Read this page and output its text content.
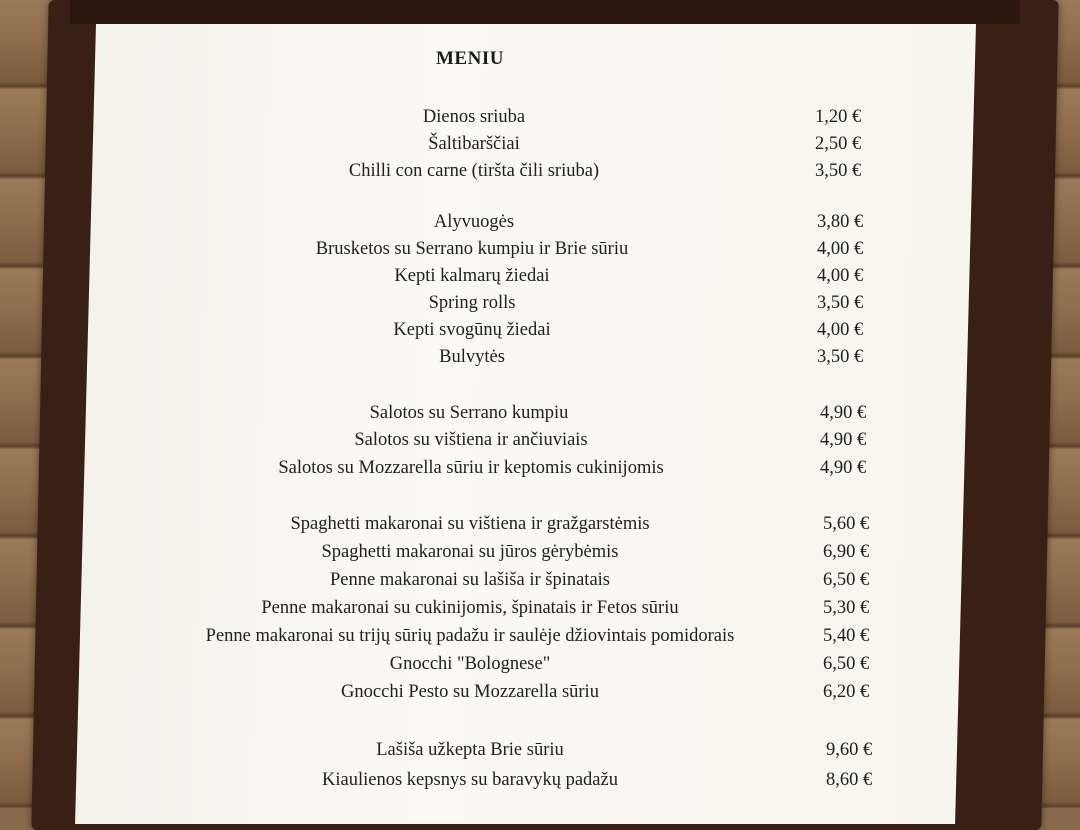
MENIU
Dienos sriuba	1,20 €
Šaltibarščiai	2,50 €
Chilli con carne (tiršta čili sriuba)	3,50 €
Alyvuogės	3,80 €
Brusketos su Serrano kumpiu ir Brie sūriu	4,00 €
Kepti kalmarų žiedai	4,00 €
Spring rolls	3,50 €
Kepti svogūnų žiedai	4,00 €
Bulvytės	3,50 €
Salotos su Serrano kumpiu	4,90 €
Salotos su vištiena ir ančiuviais	4,90 €
Salotos su Mozzarella sūriu ir keptomis cukinijomis	4,90 €
Spaghetti makaronai su vištiena ir gražgarstėmis	5,60 €
Spaghetti makaronai su jūros gėrybėmis	6,90 €
Penne makaronai su lašiša ir špinatais	6,50 €
Penne makaronai su cukinijomis, špinatais ir Fetos sūriu	5,30 €
Penne makaronai su trijų sūrių padažu ir saulėje džiovintais pomidorais	5,40 €
Gnocchi "Bolognese"	6,50 €
Gnocchi Pesto su Mozzarella sūriu	6,20 €
Lašiša užkepta Brie sūriu	9,60 €
Kiaulienos kepsnys su baravykų padažu	8,60 €
